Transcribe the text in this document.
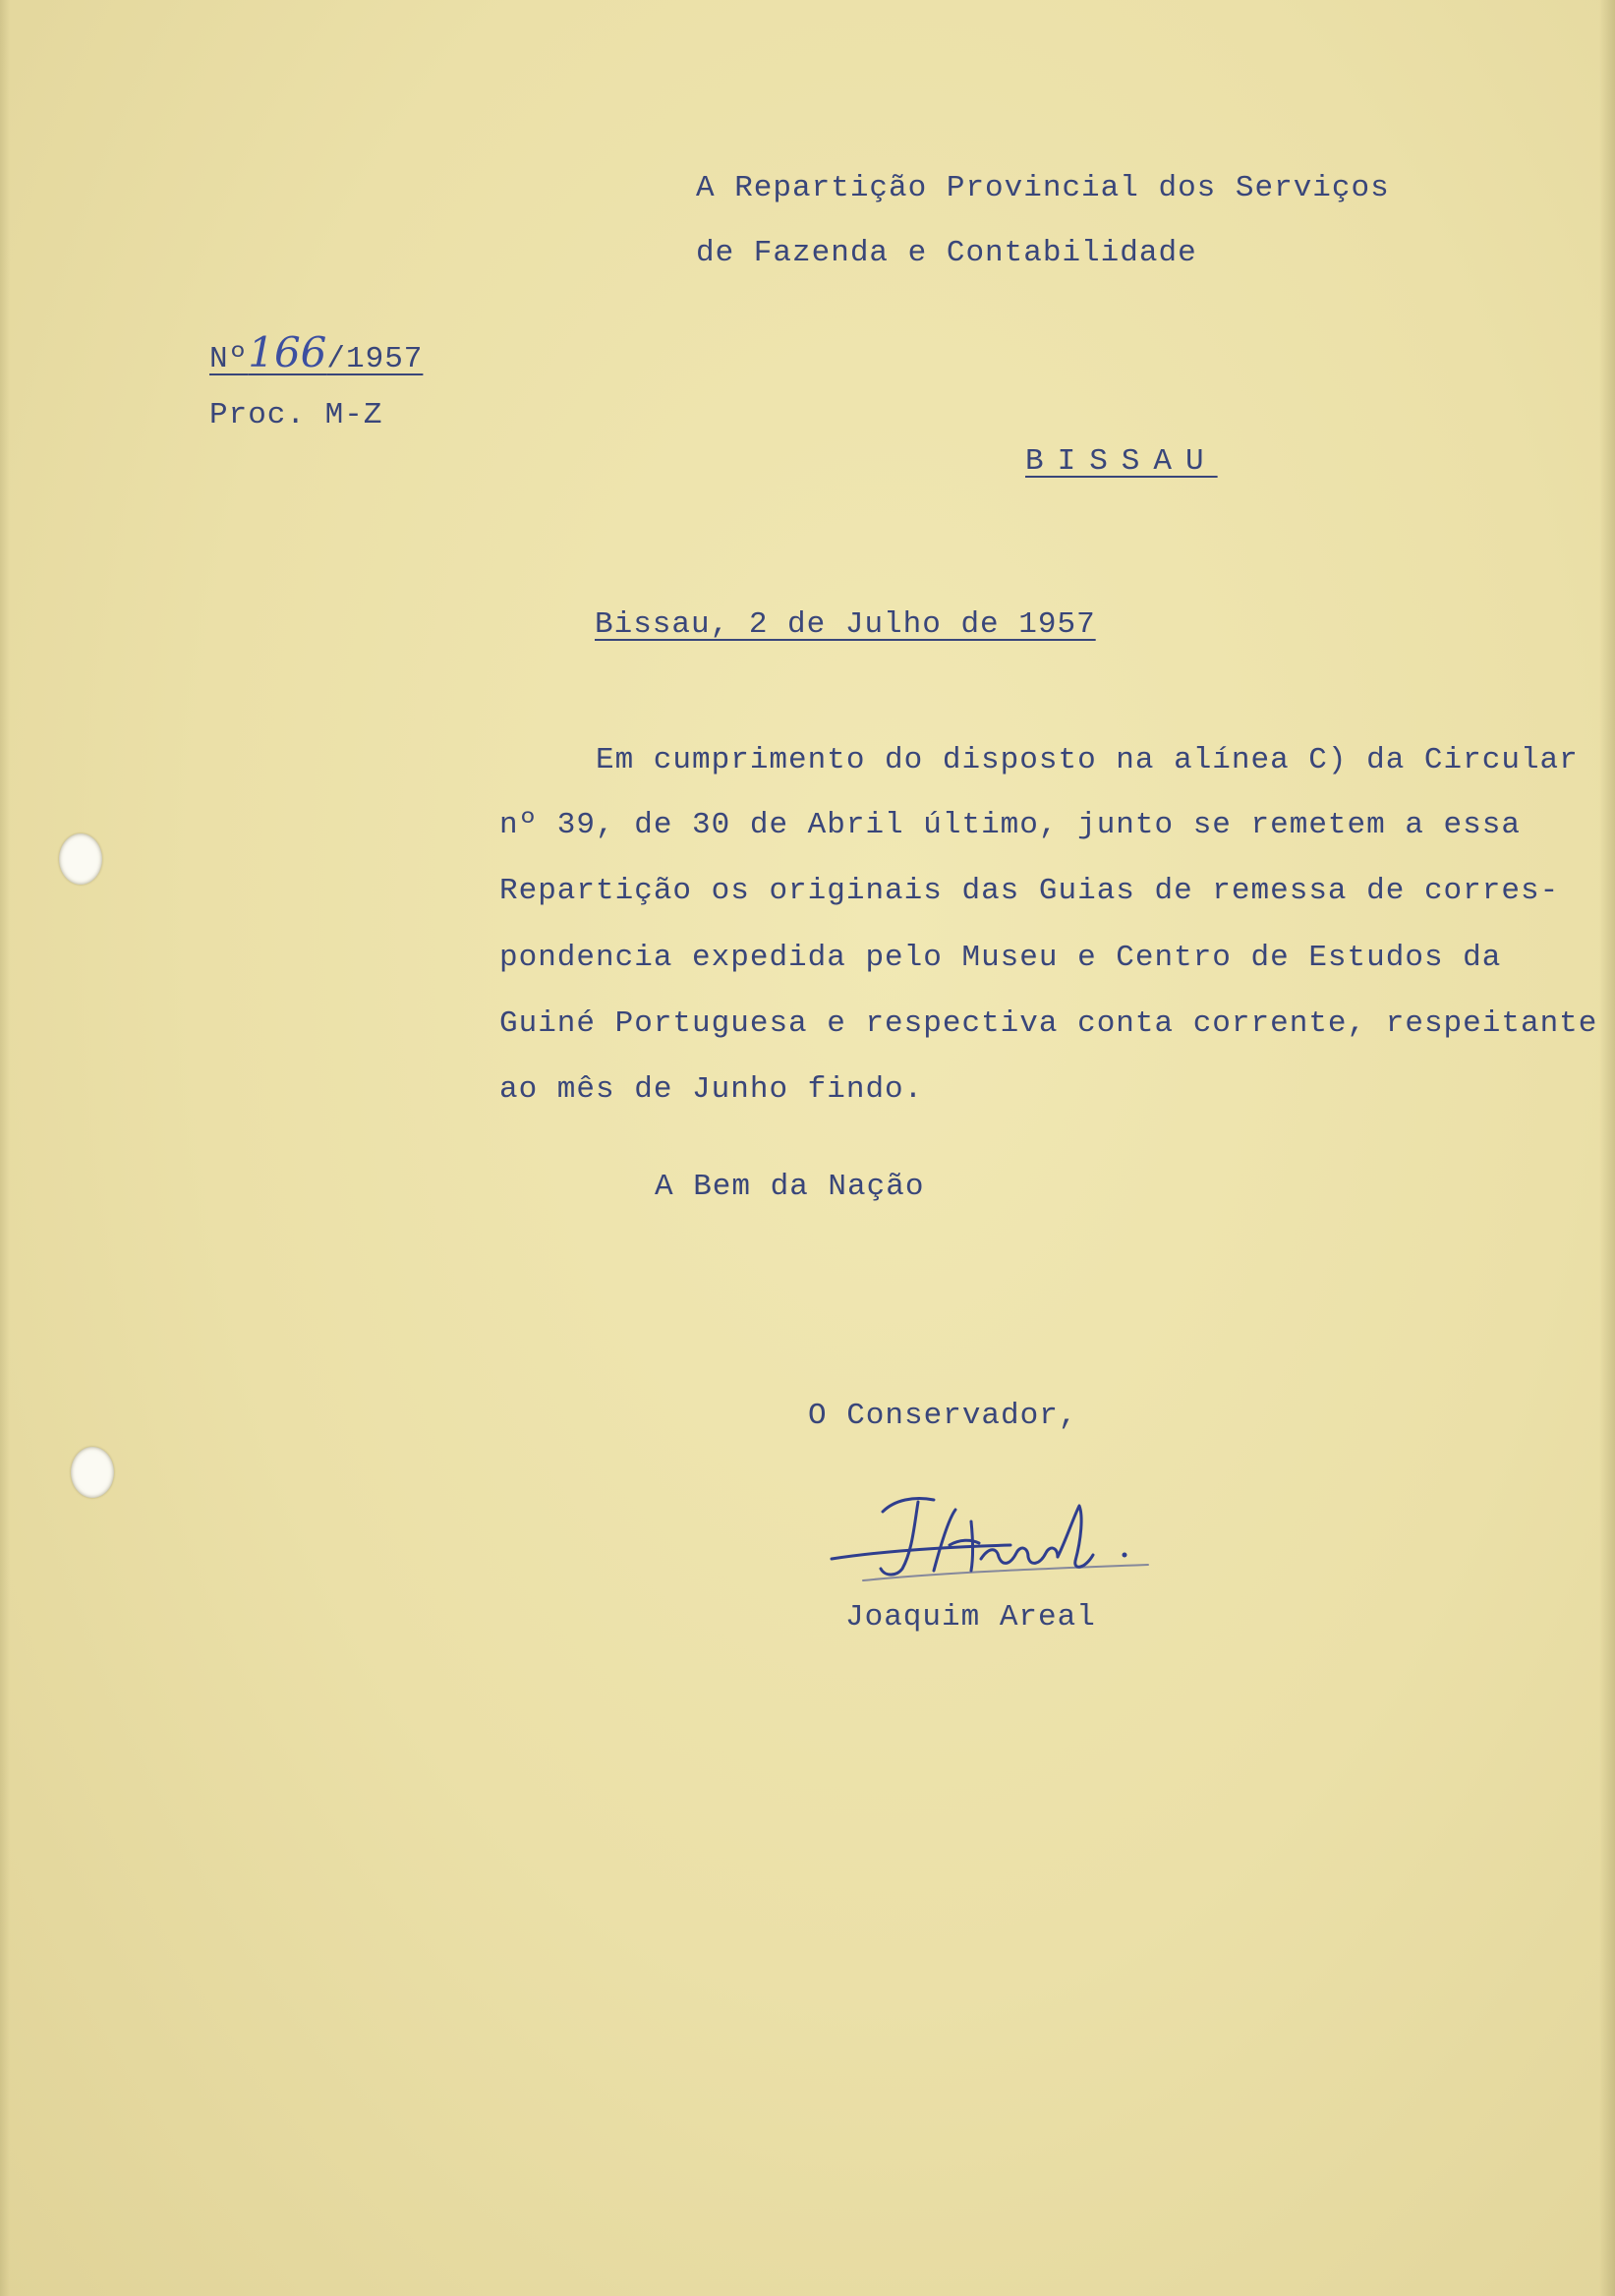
A Repartição Provincial dos Serviços
de Fazenda e Contabilidade
Nº166/1957
Proc. M-Z
BISSAU
Bissau, 2 de Julho de 1957
Em cumprimento do disposto na alínea C) da Circular
nº 39, de 30 de Abril último, junto se remetem a essa
Repartição os originais das Guias de remessa de corres-
pondencia expedida pelo Museu e Centro de Estudos da
Guiné Portuguesa e respectiva conta corrente, respeitante
ao mês de Junho findo.
A Bem da Nação
O Conservador,
Joaquim Areal
